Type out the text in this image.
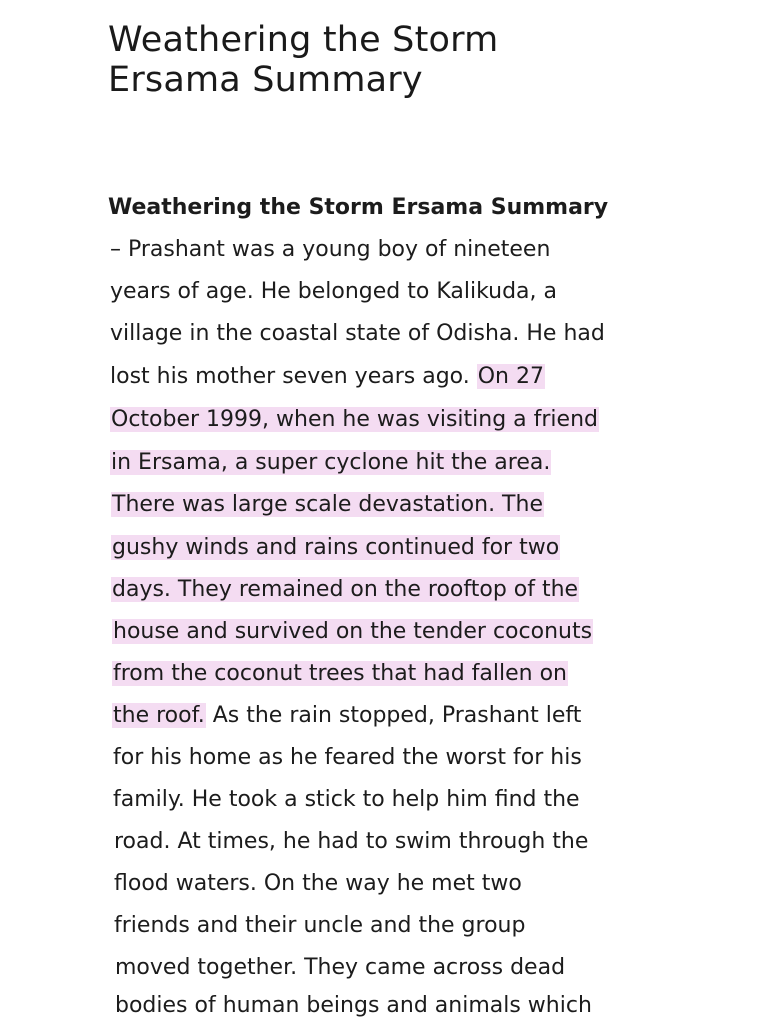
Weathering the Storm
Ersama Summary
Weathering the Storm Ersama Summary
– Prashant was a young boy of nineteen
years of age. He belonged to Kalikuda, a
village in the coastal state of Odisha. He had
lost his mother seven years ago. On 27
October 1999, when he was visiting a friend
in Ersama, a super cyclone hit the area.
There was large scale devastation. The
gushy winds and rains continued for two
days. They remained on the rooftop of the
house and survived on the tender coconuts
from the coconut trees that had fallen on
the roof. As the rain stopped, Prashant left
for his home as he feared the worst for his
family. He took a stick to help him find the
road. At times, he had to swim through the
flood waters. On the way he met two
friends and their uncle and the group
moved together. They came across dead
bodies of human beings and animals which
